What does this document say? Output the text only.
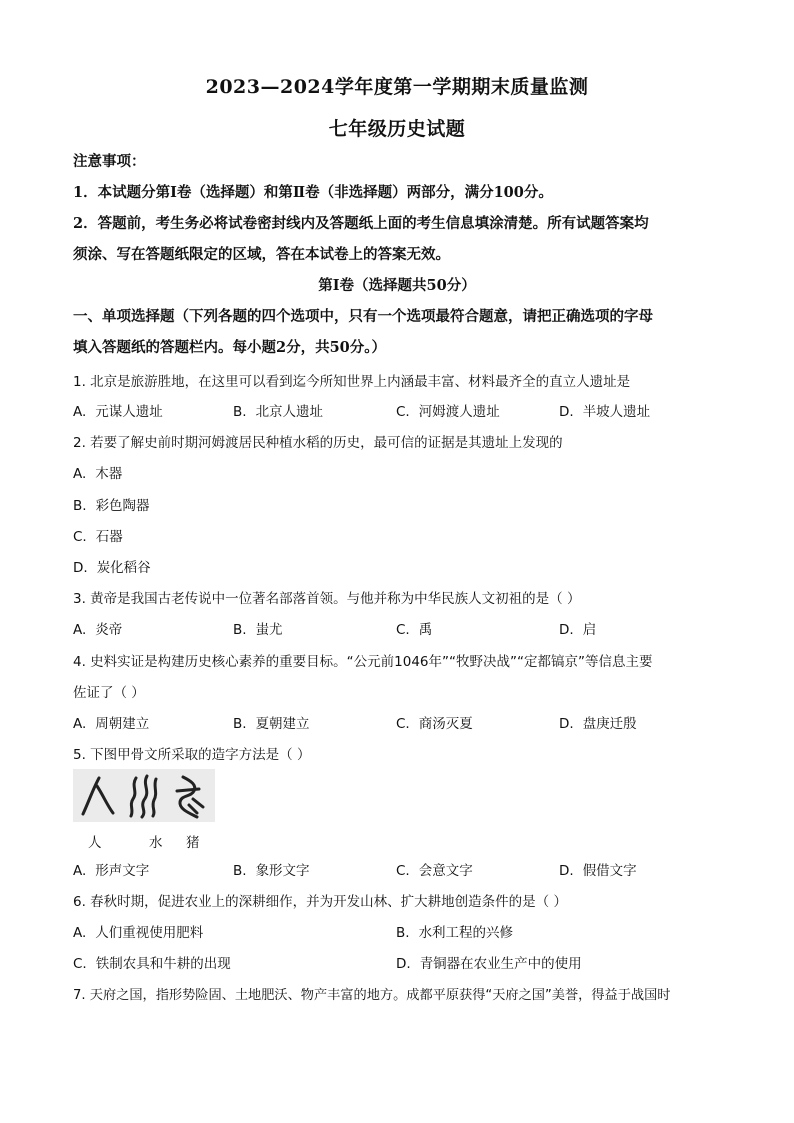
2023—2024学年度第一学期期末质量监测
七年级历史试题
注意事项：
1．本试题分第Ⅰ卷（选择题）和第Ⅱ卷（非选择题）两部分，满分100分。
2．答题前，考生务必将试卷密封线内及答题纸上面的考生信息填涂清楚。所有试题答案均
须涂、写在答题纸限定的区域，答在本试卷上的答案无效。
第Ⅰ卷（选择题共50分）
一、单项选择题（下列各题的四个选项中，只有一个选项最符合题意，请把正确选项的字母
填入答题纸的答题栏内。每小题2分，共50分。）
1. 北京是旅游胜地，在这里可以看到迄今所知世界上内涵最丰富、材料最齐全的直立人遗址是
A. 元谋人遗址	B. 北京人遗址	C. 河姆渡人遗址	D. 半坡人遗址
2. 若要了解史前时期河姆渡居民种植水稻的历史，最可信的证据是其遗址上发现的
A. 木器
B. 彩色陶器
C. 石器
D. 炭化稻谷
3. 黄帝是我国古老传说中一位著名部落首领。与他并称为中华民族人文初祖的是（ ）
A. 炎帝	B. 蚩尤	C. 禹	D. 启
4. 史料实证是构建历史核心素养的重要目标。“公元前1046年”“牧野决战”“定都镐京”等信息主要
佐证了（ ）
A. 周朝建立	B. 夏朝建立	C. 商汤灭夏	D. 盘庚迁殷
5. 下图甲骨文所采取的造字方法是（ ）
人	水 猪
A. 形声文字	B. 象形文字	C. 会意文字	D. 假借文字
6. 春秋时期，促进农业上的深耕细作，并为开发山林、扩大耕地创造条件的是（ ）
A. 人们重视使用肥料	B. 水利工程的兴修
C. 铁制农具和牛耕的出现	D. 青铜器在农业生产中的使用
7. 天府之国，指形势险固、土地肥沃、物产丰富的地方。成都平原获得“天府之国”美誉，得益于战国时
